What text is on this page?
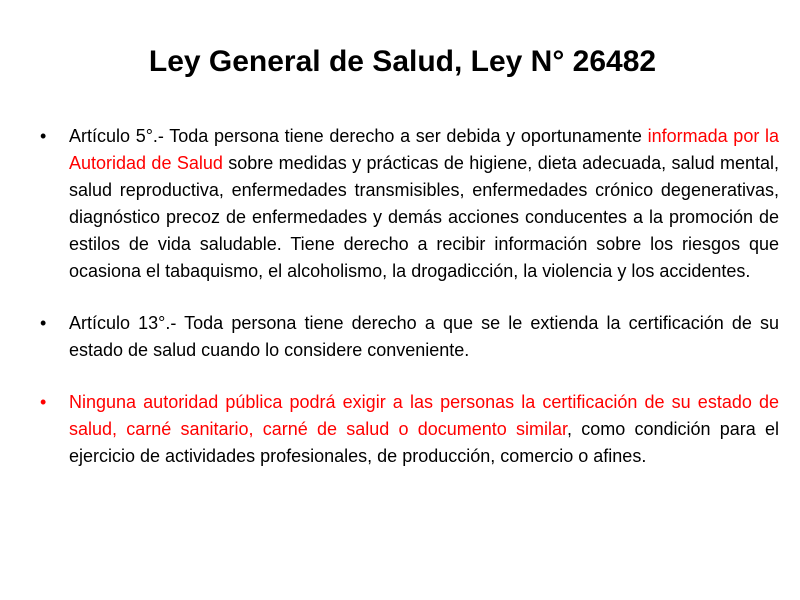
Ley General de Salud, Ley N° 26482
• Artículo 5°.- Toda persona tiene derecho a ser debida y oportunamente informada por la Autoridad de Salud sobre medidas y prácticas de higiene, dieta adecuada, salud mental, salud reproductiva, enfermedades transmisibles, enfermedades crónico degenerativas, diagnóstico precoz de enfermedades y demás acciones conducentes a la promoción de estilos de vida saludable. Tiene derecho a recibir información sobre los riesgos que ocasiona el tabaquismo, el alcoholismo, la drogadicción, la violencia y los accidentes.
• Artículo 13°.- Toda persona tiene derecho a que se le extienda la certificación de su estado de salud cuando lo considere conveniente.
• Ninguna autoridad pública podrá exigir a las personas la certificación de su estado de salud, carné sanitario, carné de salud o documento similar, como condición para el ejercicio de actividades profesionales, de producción, comercio o afines.
